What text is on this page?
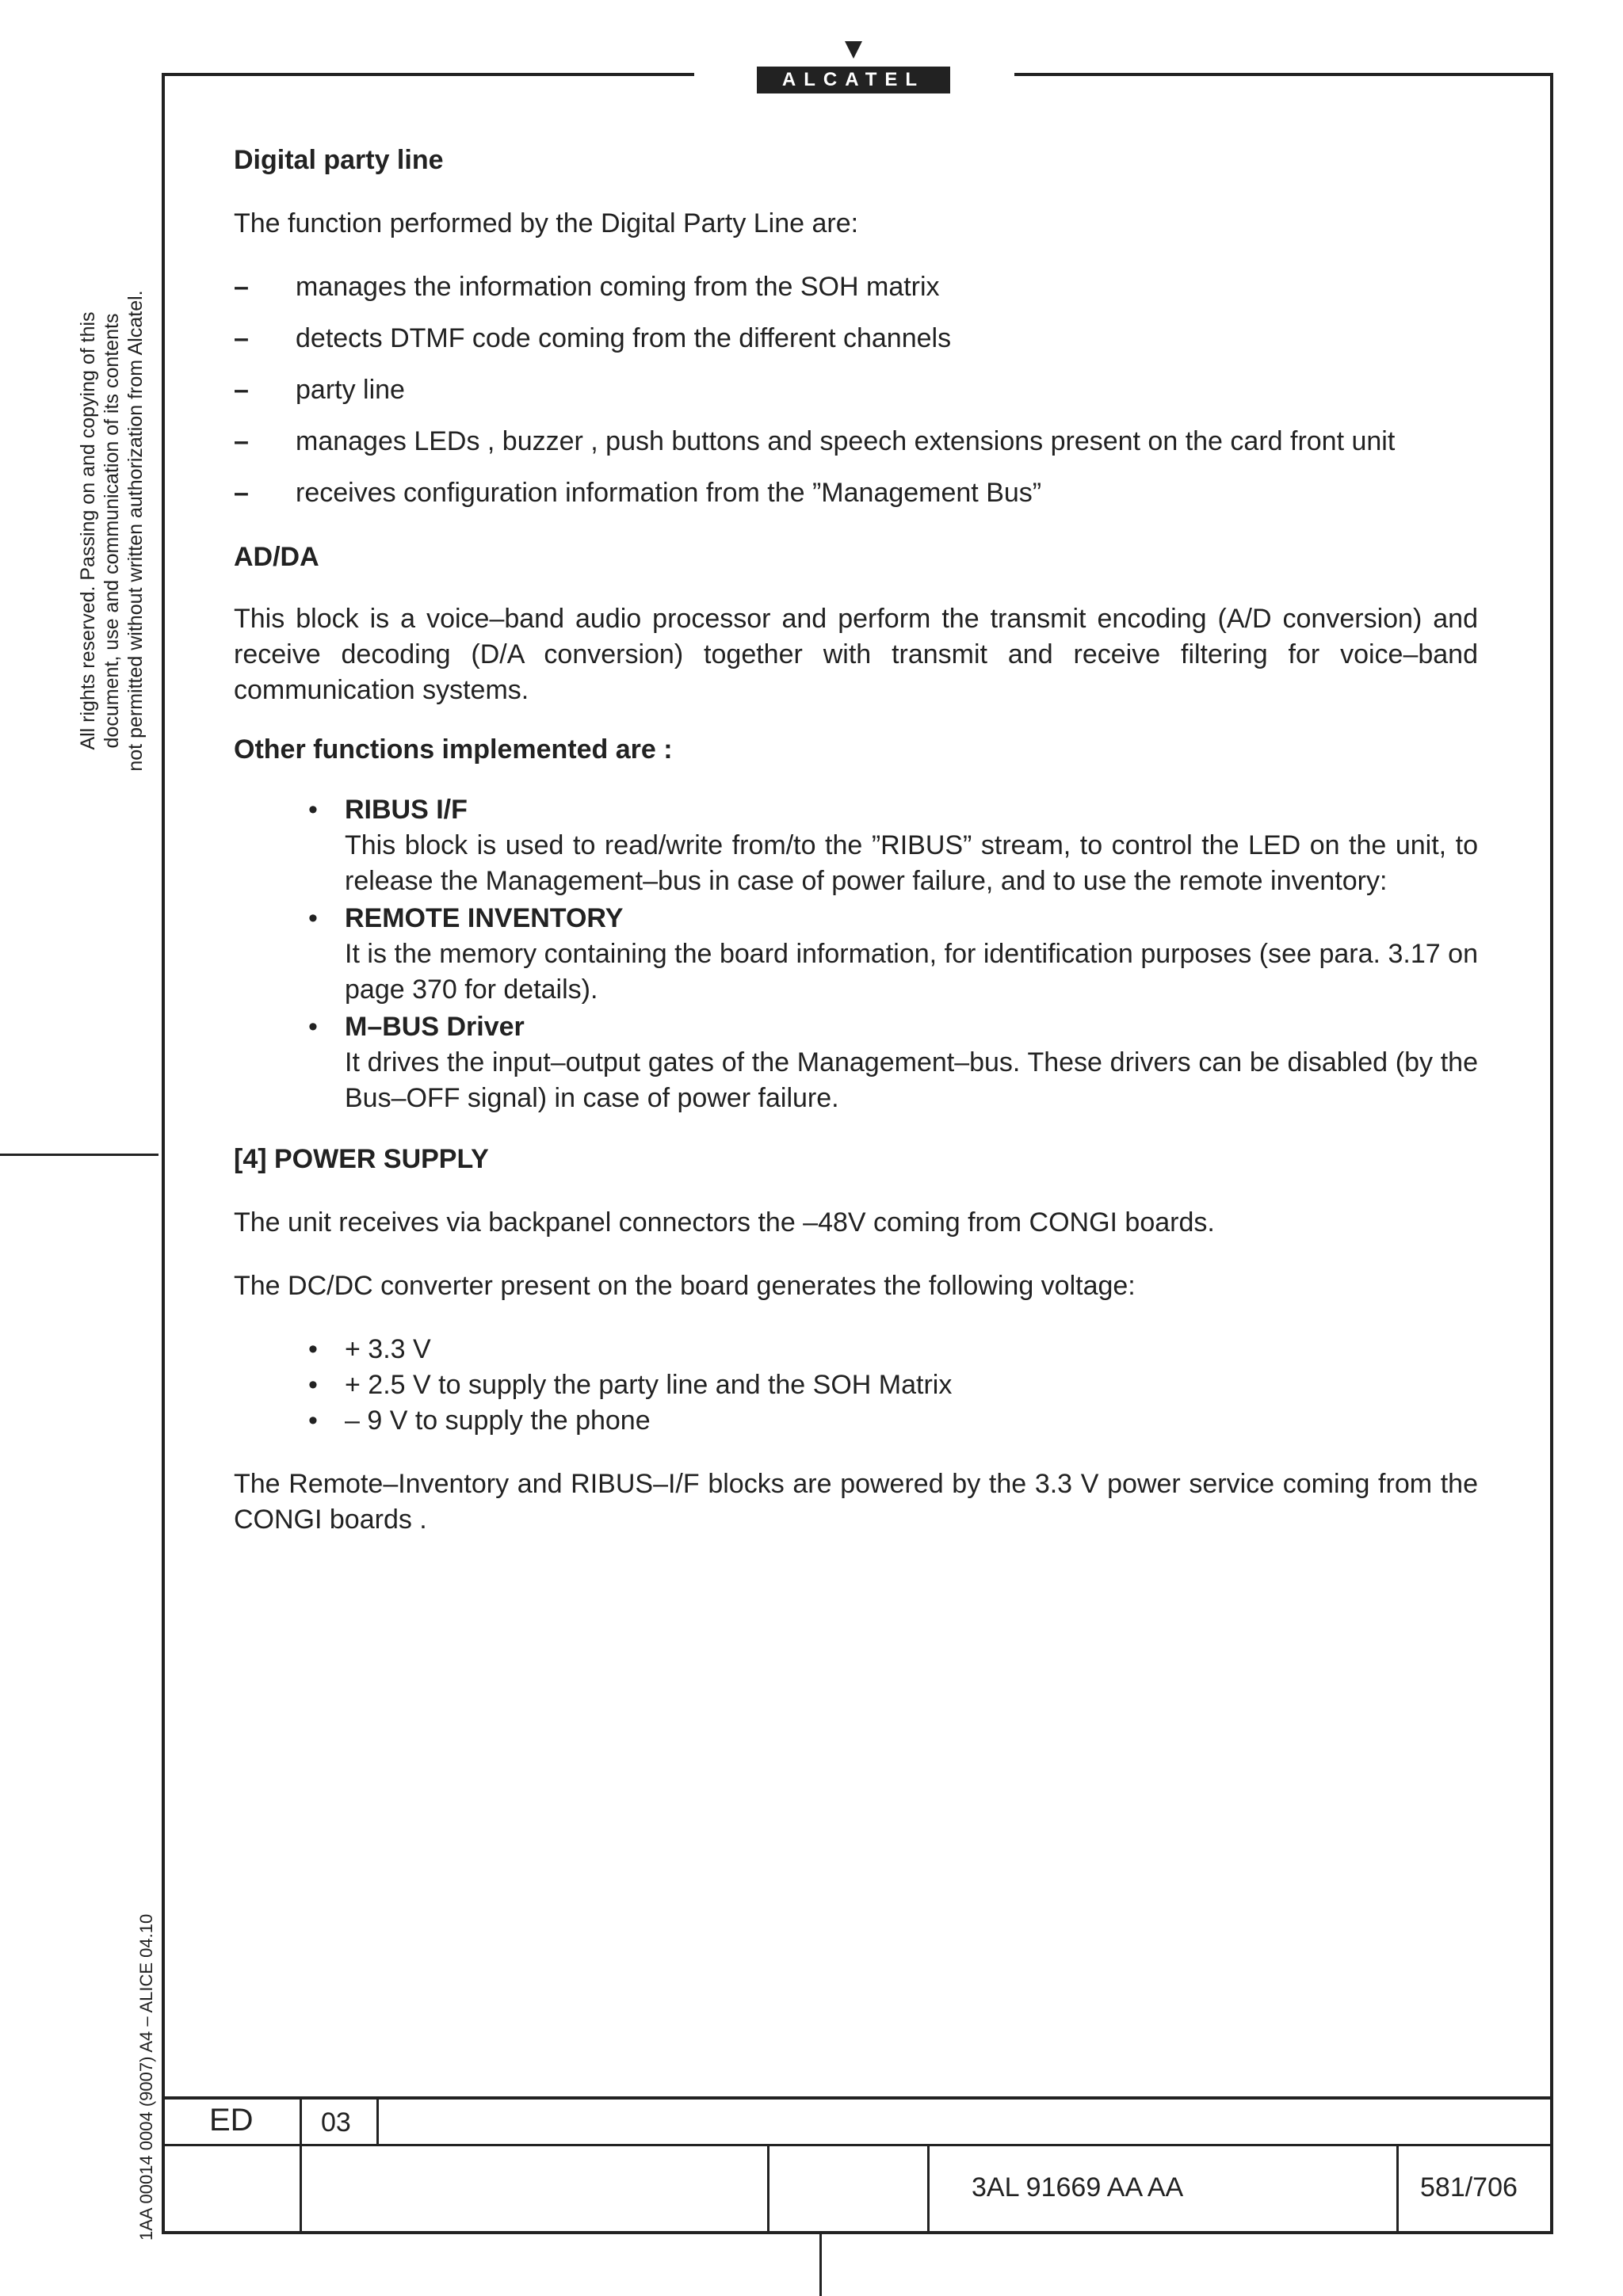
ALCATEL
All rights reserved. Passing on and copying of this document, use and communication of its contents not permitted without written authorization from Alcatel.
1AA 00014 0004 (9007) A4 – ALICE 04.10
Digital party line

The function performed by the Digital Party Line are:

–	manages the information coming from the SOH matrix
–	detects DTMF code coming from the different channels
–	party line
–	manages LEDs , buzzer , push buttons and speech extensions present on the card front unit
–	receives configuration information from the ”Management Bus”
AD/DA

This block is a voice–band audio processor and perform the transmit encoding (A/D conversion) and receive decoding (D/A conversion) together with transmit and receive filtering for voice–band communication systems.

Other functions implemented are :
•	RIBUS I/F
This block is used to read/write from/to the ”RIBUS” stream, to control the LED on the unit, to release the Management–bus in case of power failure, and to use the remote inventory:
•	REMOTE INVENTORY
It is the memory containing the board information, for identification purposes (see para. 3.17 on page 370 for details).
•	M–BUS Driver
It drives the input–output gates of the Management–bus. These drivers can be disabled (by the Bus–OFF signal) in case of power failure.
[4] POWER SUPPLY

The unit receives via backpanel connectors the –48V coming from CONGI boards.

The DC/DC converter present on the board generates the following voltage:

•	+ 3.3 V
•	+ 2.5 V to supply the party line and the SOH Matrix
•	– 9 V to supply the phone

The Remote–Inventory and RIBUS–I/F blocks are powered by the 3.3 V power service coming from the CONGI boards .

ED	03
3AL 91669 AA AA	581/706
